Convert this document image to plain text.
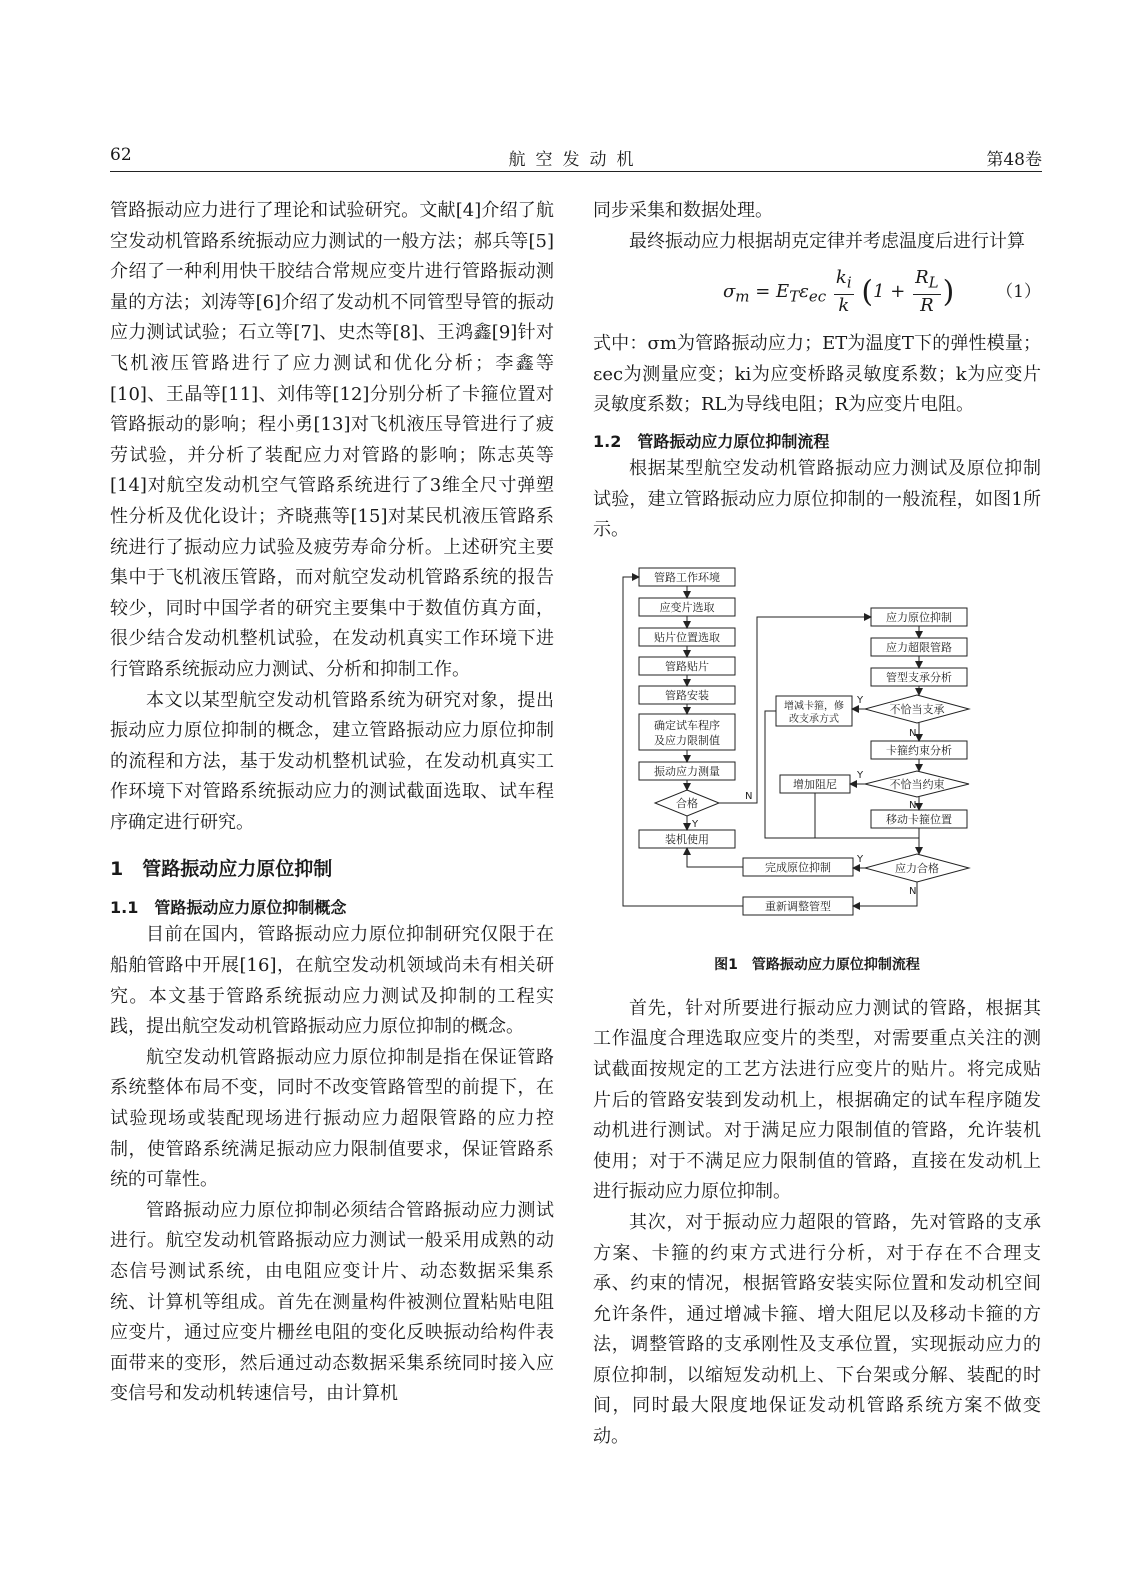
62	航空发动机	第48卷

管路振动应力进行了理论和试验研究。文献[4]介绍了航空发动机管路系统振动应力测试的一般方法；郝兵等[5]介绍了一种利用快干胶结合常规应变片进行管路振动测量的方法；刘涛等[6]介绍了发动机不同管型导管的振动应力测试试验；石立等[7]、史杰等[8]、王鸿鑫[9]针对飞机液压管路进行了应力测试和优化分析；李鑫等[10]、王晶等[11]、刘伟等[12]分别分析了卡箍位置对管路振动的影响；程小勇[13]对飞机液压导管进行了疲劳试验，并分析了装配应力对管路的影响；陈志英等[14]对航空发动机空气管路系统进行了3维全尺寸弹塑性分析及优化设计；齐晓燕等[15]对某民机液压管路系统进行了振动应力试验及疲劳寿命分析。上述研究主要集中于飞机液压管路，而对航空发动机管路系统的报告较少，同时中国学者的研究主要集中于数值仿真方面，很少结合发动机整机试验，在发动机真实工作环境下进行管路系统振动应力测试、分析和抑制工作。

本文以某型航空发动机管路系统为研究对象，提出振动应力原位抑制的概念，建立管路振动应力原位抑制的流程和方法，基于发动机整机试验，在发动机真实工作环境下对管路系统振动应力的测试截面选取、试车程序确定进行研究。

1　管路振动应力原位抑制
1.1　管路振动应力原位抑制概念

目前在国内，管路振动应力原位抑制研究仅限于在船舶管路中开展[16]，在航空发动机领域尚未有相关研究。本文基于管路系统振动应力测试及抑制的工程实践，提出航空发动机管路振动应力原位抑制的概念。

航空发动机管路振动应力原位抑制是指在保证管路系统整体布局不变，同时不改变管路管型的前提下，在试验现场或装配现场进行振动应力超限管路的应力控制，使管路系统满足振动应力限制值要求，保证管路系统的可靠性。

管路振动应力原位抑制必须结合管路振动应力测试进行。航空发动机管路振动应力测试一般采用成熟的动态信号测试系统，由电阻应变计片、动态数据采集系统、计算机等组成。首先在测量构件被测位置粘贴电阻应变片，通过应变片栅丝电阻的变化反映振动给构件表面带来的变形，然后通过动态数据采集系统同时接入应变信号和发动机转速信号，由计算机

同步采集和数据处理。

最终振动应力根据胡克定律并考虑温度后进行计算

$\sigma_m = E_T\varepsilon_{ec} \frac{k_i}{k} (1 + \frac{R_L}{R}$ ) （1）

式中：σm为管路振动应力；ET为温度T下的弹性模量；εec为测量应变；ki为应变桥路灵敏度系数；k为应变片灵敏度系数；RL为导线电阻；R为应变片电阻。

1.2　管路振动应力原位抑制流程

根据某型航空发动机管路振动应力测试及原位抑制试验，建立管路振动应力原位抑制的一般流程，如图1所示。

管路工作环境
应变片选取
贴片位置选取
管路贴片
管路安装
确定试车程序
及应力限制值
振动应力测量
合格
装机使用
应力原位抑制
应力超限管路
管型支承分析
不恰当支承
增减卡箍，修
改支承方式
卡箍约束分析
不恰当约束
增加阻尼
移动卡箍位置
应力合格
完成原位抑制
重新调整管型
Y
N
Y
N
Y
N
Y
N
图1　管路振动应力原位抑制流程

首先，针对所要进行振动应力测试的管路，根据其工作温度合理选取应变片的类型，对需要重点关注的测试截面按规定的工艺方法进行应变片的贴片。将完成贴片后的管路安装到发动机上，根据确定的试车程序随发动机进行测试。对于满足应力限制值的管路，允许装机使用；对于不满足应力限制值的管路，直接在发动机上进行振动应力原位抑制。

其次，对于振动应力超限的管路，先对管路的支承方案、卡箍的约束方式进行分析，对于存在不合理支承、约束的情况，根据管路安装实际位置和发动机空间允许条件，通过增减卡箍、增大阻尼以及移动卡箍的方法，调整管路的支承刚性及支承位置，实现振动应力的原位抑制，以缩短发动机上、下台架或分解、装配的时间，同时最大限度地保证发动机管路系统方案不做变动。
